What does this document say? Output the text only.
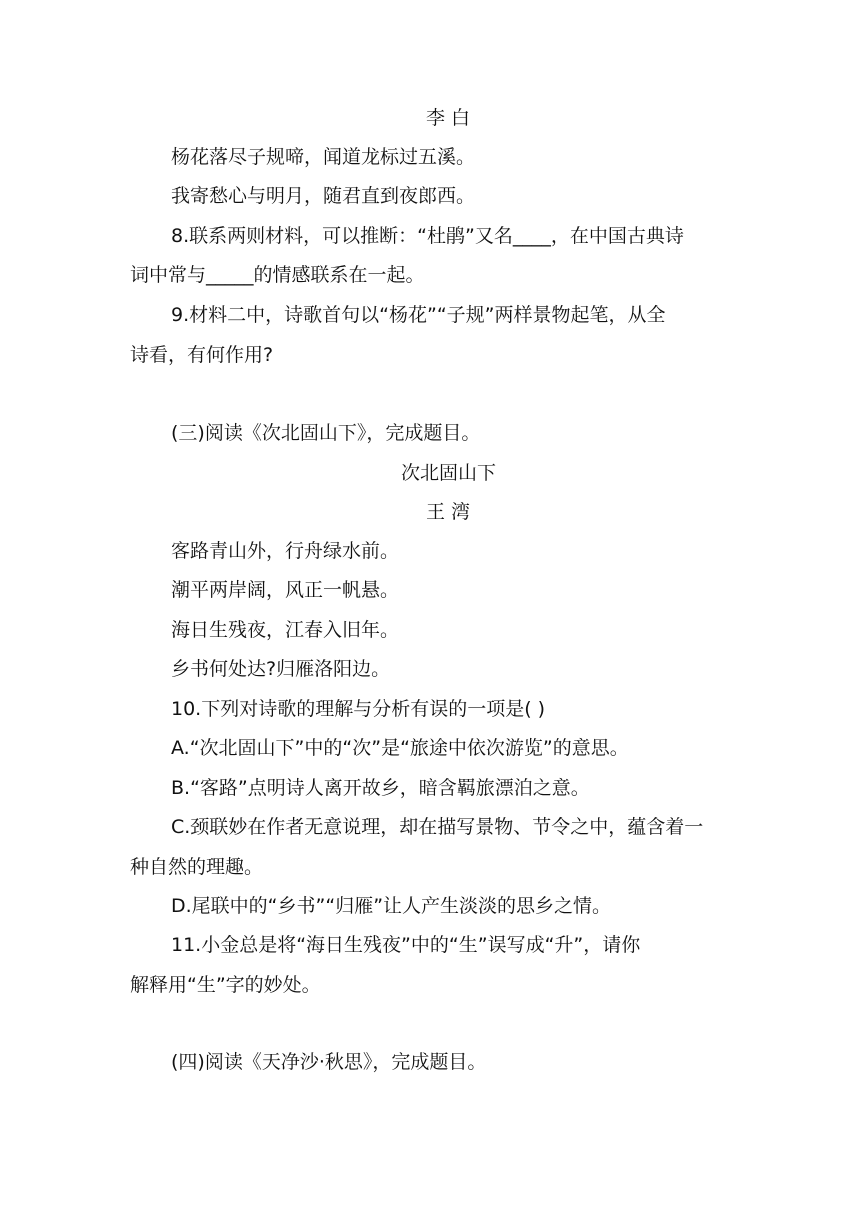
李 白
杨花落尽子规啼，闻道龙标过五溪。
我寄愁心与明月，随君直到夜郎西。
8.联系两则材料，可以推断：“杜鹃”又名____，在中国古典诗
词中常与_____的情感联系在一起。
9.材料二中，诗歌首句以“杨花”“子规”两样景物起笔，从全
诗看，有何作用?
(三)阅读《次北固山下》，完成题目。
次北固山下
王 湾
客路青山外，行舟绿水前。
潮平两岸阔，风正一帆悬。
海日生残夜，江春入旧年。
乡书何处达?归雁洛阳边。
10.下列对诗歌的理解与分析有误的一项是( )
A.“次北固山下”中的“次”是“旅途中依次游览”的意思。
B.“客路”点明诗人离开故乡，暗含羁旅漂泊之意。
C.颈联妙在作者无意说理，却在描写景物、节令之中，蕴含着一
种自然的理趣。
D.尾联中的“乡书”“归雁”让人产生淡淡的思乡之情。
11.小金总是将“海日生残夜”中的“生”误写成“升”，请你
解释用“生”字的妙处。
(四)阅读《天净沙·秋思》，完成题目。
